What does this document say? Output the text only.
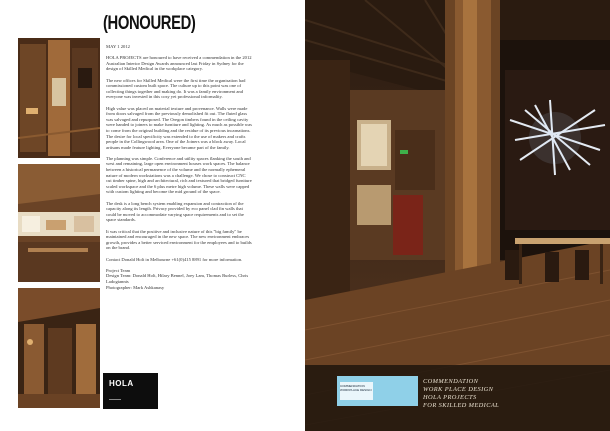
(HONOURED)

MAY 1 2012

HOLA PROJECTS are honoured to have received a commendation in the 2012 Australian Interior Design Awards announced last Friday in Sydney for the design of Skilled Medical in the workplace category.

The new offices for Skilled Medical were the first time the organisation had commissioned custom built space. The culture up to this point was one of collecting things together and making do. It was a family environment and everyone was invested in this cosy yet professional informality.

High value was placed on material texture and provenance. Walls were made from doors salvaged from the previously demolished fit out. The fluted glass was salvaged and repurposed. The Oregon timbers found in the ceiling cavity were handed to joiners to make furniture and lighting. As much as possible was to come from the original building and the residue of its previous incarnations. The desire for local specificity was extended to the use of makers and crafts people in the Collingwood area. One of the Joiners was a block away. Local artisans made feature lighting. Everyone became part of the family.

The planning was simple. Conference and utility spaces flanking the south and west and remaining, large open environment houses work spaces. The balance between a historical permanence of the volume and the normally ephemeral nature of modern workstations was a challenge. We chose to construct CNC cut timber spine, high and architectural, rich and textured that bridged furniture scaled workspace and the 6 plus metre high volume. These walls were capped with custom lighting and become the mid ground of the space.

The desk is a long bench system enabling expansion and contraction of the capacity along its length. Privacy provided by eco panel clad fin walls that could be moved to accommodate varying space requirements and to set the space standards.

It was critical that the positive and inclusive nature of this "big family" be maintained and encouraged in the new space. The new environment embraces growth, provides a better serviced environment for the employees and to builds on the brand.

Contact Donald Holt in Melbourne +61(0)415 8891 for more information.

Project Team
Design Team: Donald Holt, Hilary Bennel, Joey Lam, Thomas Burless, Chris Ladogiannis
Photographer: Mark Ashkanasy
HOLA	COMMENDATION
WORKPLACE DESIGN
COMMENDATION
WORK PLACE DESIGN
HOLA PROJECTS
FOR SKILLED MEDICAL
